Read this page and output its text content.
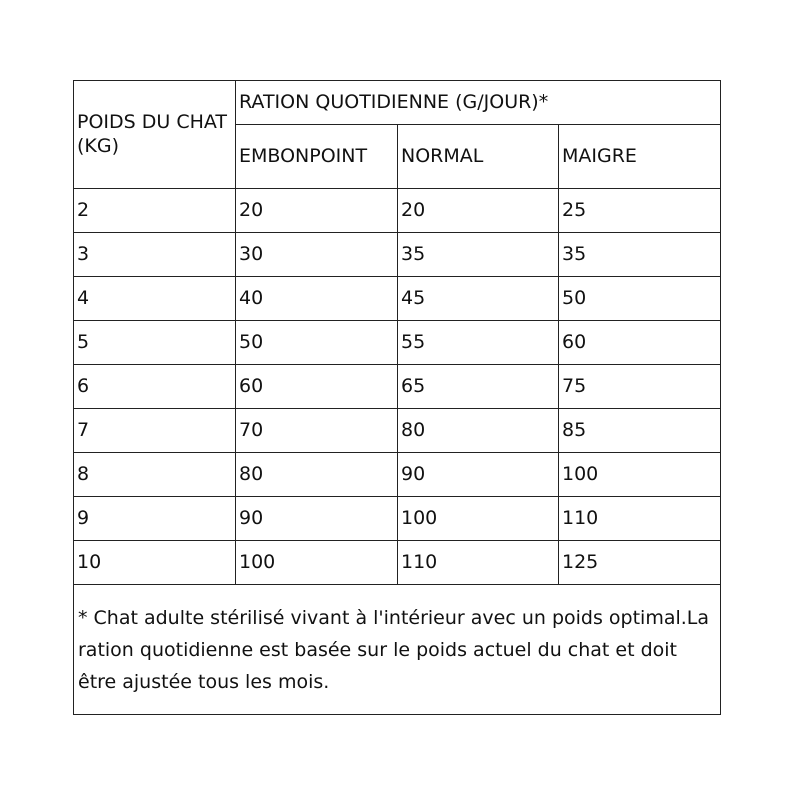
POIDS DU CHAT (KG)	RATION QUOTIDIENNE (G/JOUR)*		
	EMBONPOINT	NORMAL	MAIGRE
2	20	20	25
3	30	35	35
4	40	45	50
5	50	55	60
6	60	65	75
7	70	80	85
8	80	90	100
9	90	100	110
10	100	110	125
* Chat adulte stérilisé vivant à l'intérieur avec un poids optimal.La ration quotidienne est basée sur le poids actuel du chat et doit être ajustée tous les mois.			
